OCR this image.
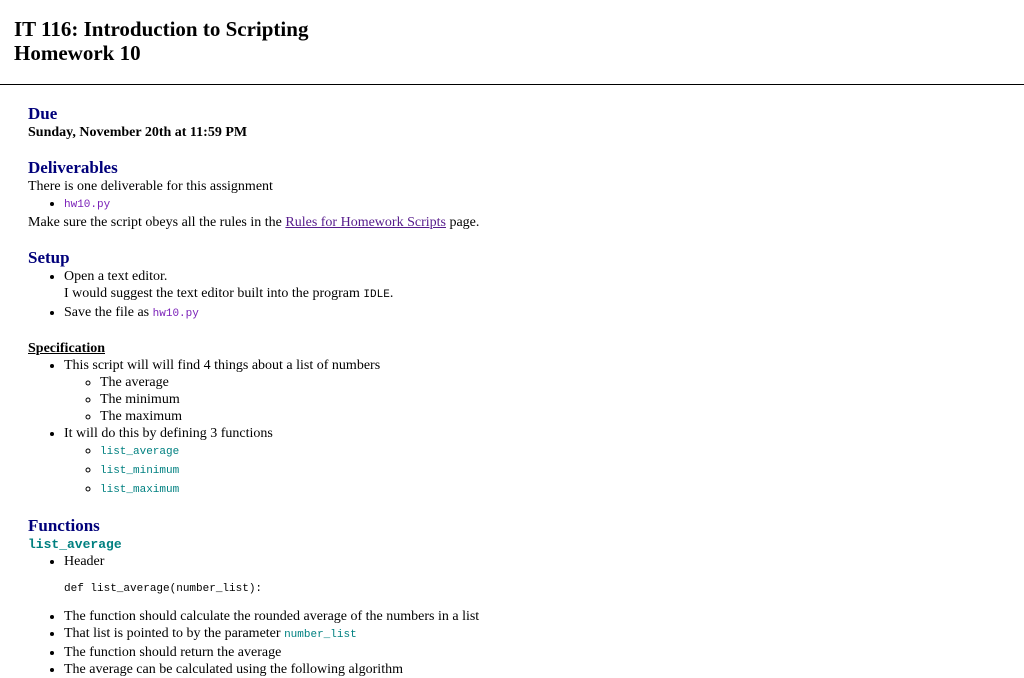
IT 116: Introduction to Scripting
Homework 10
Due

Sunday, November 20th at 11:59 PM

Deliverables

There is one deliverable for this assignment

• hw10.py

Make sure the script obeys all the rules in the Rules for Homework Scripts page.

Setup
• Open a text editor.
I would suggest the text editor built into the program IDLE.
• Save the file as hw10.py
Specification
• This script will will find 4 things about a list of numbers
◦ The average
◦ The minimum
◦ The maximum
• It will do this by defining 3 functions
◦ list_average
◦ list_minimum
◦ list_maximum
Functions
list_average
• Header
def list_average(number_list):
• The function should calculate the rounded average of the numbers in a list
• That list is pointed to by the parameter number_list
• The function should return the average
• The average can be calculated using the following algorithm
